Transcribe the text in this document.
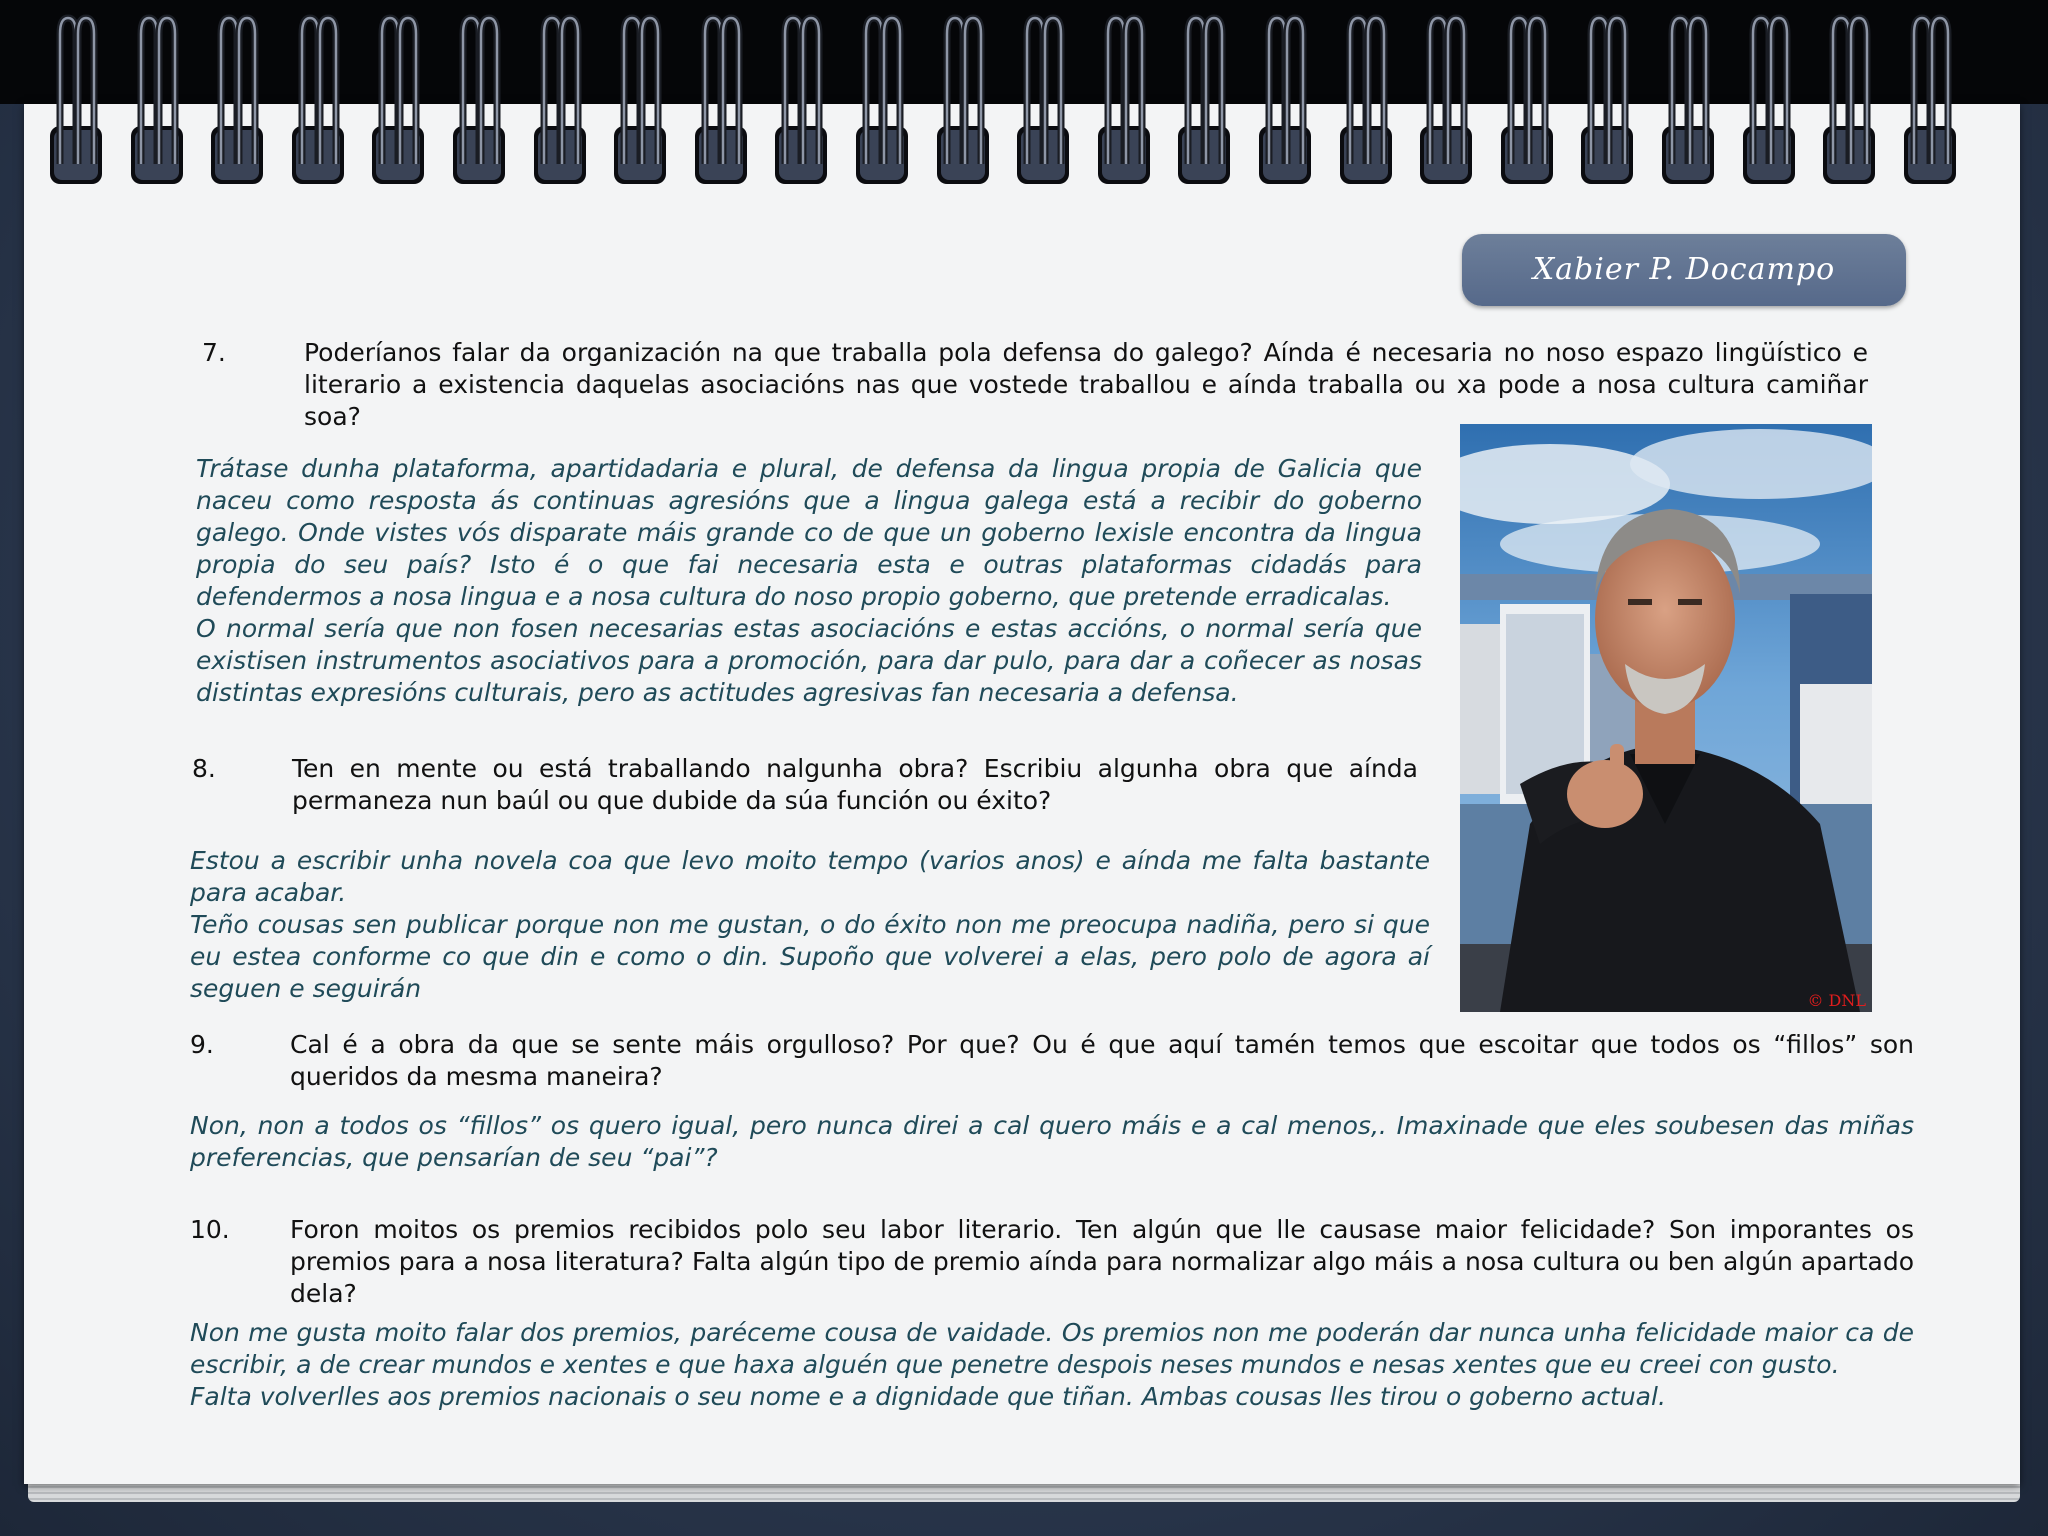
Xabier P. Docampo
7.	Poderíanos falar da organización na que traballa pola defensa do galego? Aínda é necesaria no noso espazo lingüístico e literario a existencia daquelas asociacións nas que vostede traballou e aínda traballa ou xa pode a nosa cultura camiñar soa?

Trátase dunha plataforma, apartidadaria e plural, de defensa da lingua propia de Galicia que naceu como resposta ás continuas agresións que a lingua galega está a recibir do goberno galego. Onde vistes vós disparate máis grande co de que un goberno lexisle encontra da lingua propia do seu país? Isto é o que fai necesaria esta e outras plataformas cidadás para defendermos a nosa lingua e a nosa cultura do noso propio goberno, que pretende erradicalas.

O normal sería que non fosen necesarias estas asociacións e estas accións, o normal sería que existisen instrumentos asociativos para a promoción, para dar pulo, para dar a coñecer as nosas distintas expresións culturais, pero as actitudes agresivas fan necesaria a defensa.

© DNL
8.	Ten en mente ou está traballando nalgunha obra? Escribiu algunha obra que aínda permaneza nun baúl ou que dubide da súa función ou éxito?

Estou a escribir unha novela coa que levo moito tempo (varios anos) e aínda me falta bastante para acabar.

Teño cousas sen publicar porque non me gustan, o do éxito non me preocupa nadiña, pero si que eu estea conforme co que din e como o din. Supoño que volverei a elas, pero polo de agora aí seguen e seguirán

9.	Cal é a obra da que se sente máis orgulloso? Por que? Ou é que aquí tamén temos que escoitar que todos os “fillos” son queridos da mesma maneira?

Non, non a todos os “fillos” os quero igual, pero nunca direi a cal quero máis e a cal menos,. Imaxinade que eles soubesen das miñas preferencias, que pensarían de seu “pai”?

10. Foron moitos os premios recibidos polo seu labor literario. Ten algún que lle causase maior felicidade? Son imporantes os premios para a nosa literatura? Falta algún tipo de premio aínda para normalizar algo máis a nosa cultura ou ben algún apartado dela?

Non me gusta moito falar dos premios, paréceme cousa de vaidade. Os premios non me poderán dar nunca unha felicidade maior ca de escribir, a de crear mundos e xentes e que haxa alguén que penetre despois neses mundos e nesas xentes que eu creei con gusto.

Falta volverlles aos premios nacionais o seu nome e a dignidade que tiñan. Ambas cousas lles tirou o goberno actual.
